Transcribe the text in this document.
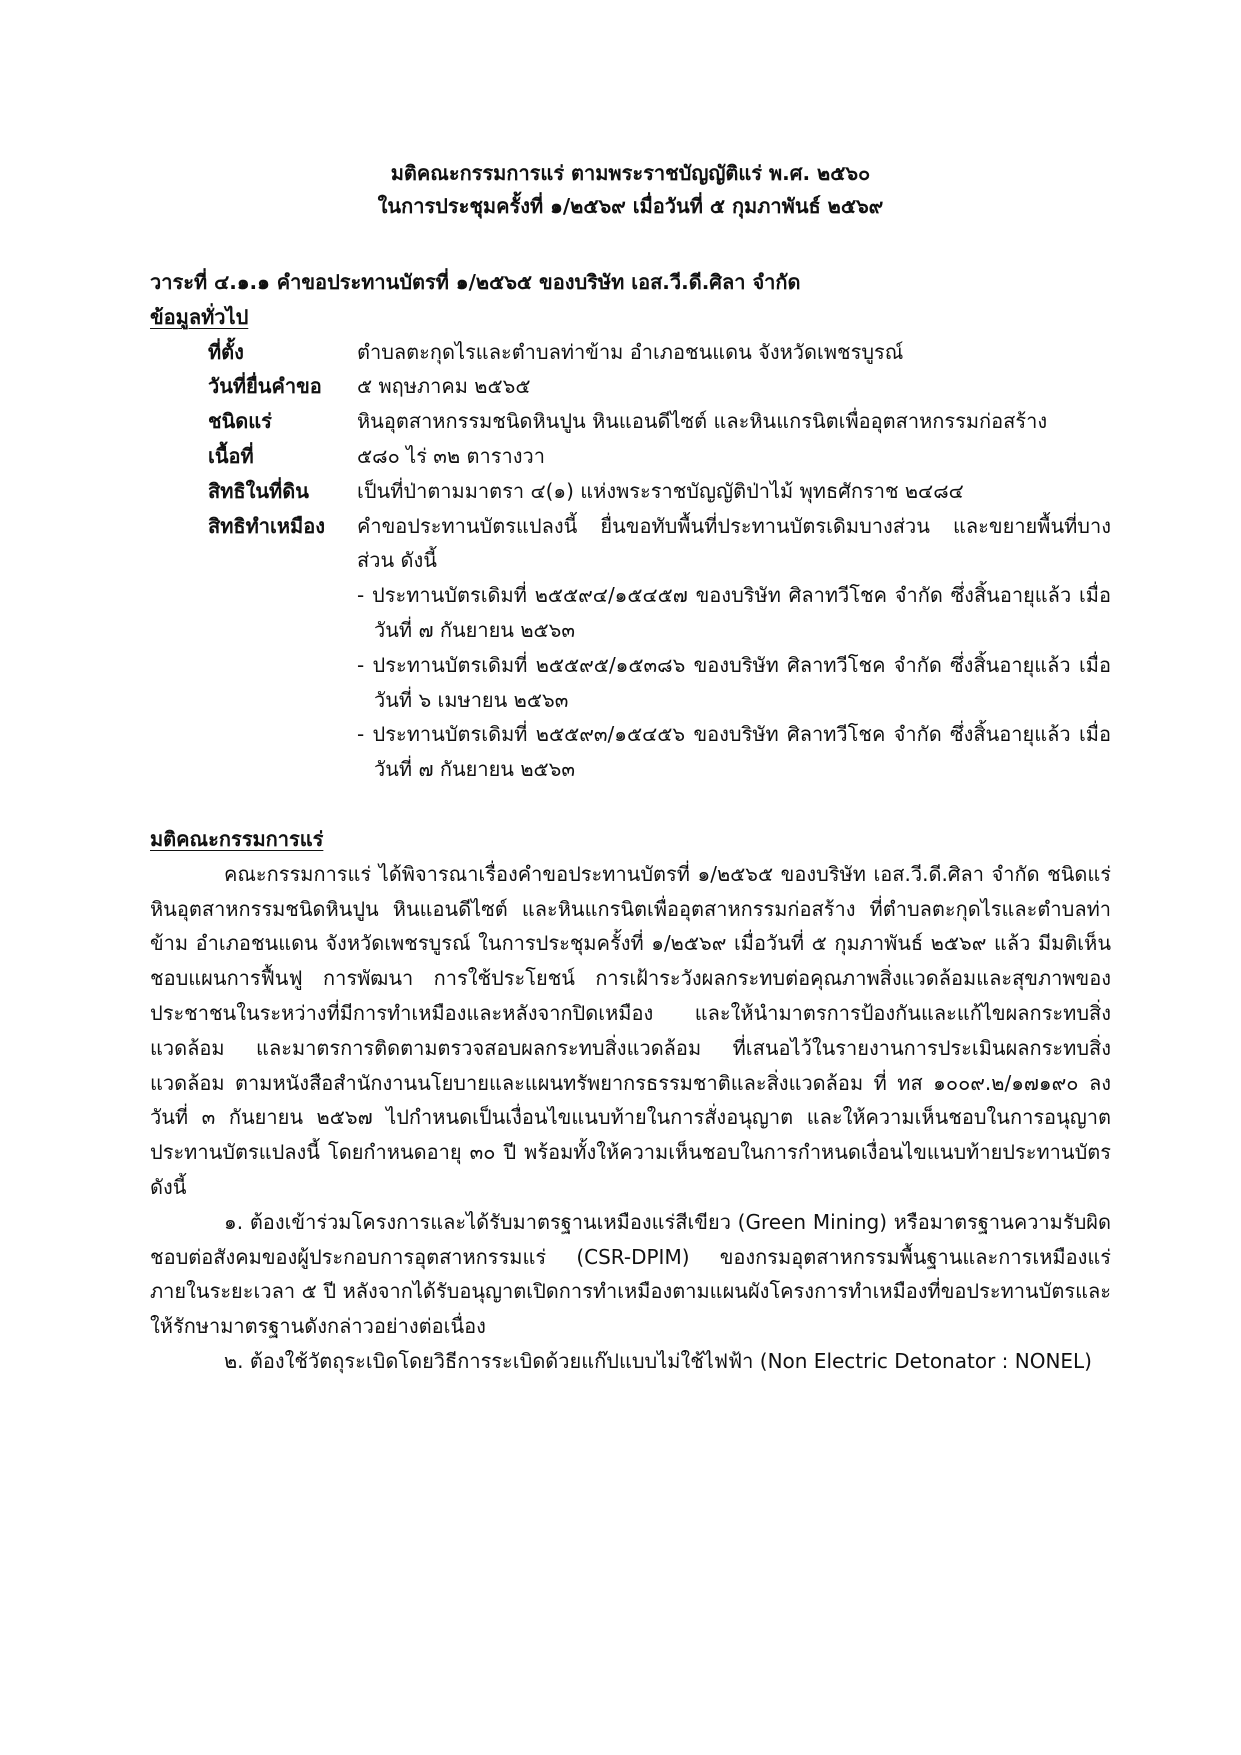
มติคณะกรรมการแร่ ตามพระราชบัญญัติแร่ พ.ศ. ๒๕๖๐
ในการประชุมครั้งที่ ๑/๒๕๖๙ เมื่อวันที่ ๕ กุมภาพันธ์ ๒๕๖๙
วาระที่ ๔.๑.๑ คำขอประทานบัตรที่ ๑/๒๕๖๕ ของบริษัท เอส.วี.ดี.ศิลา จำกัด
ข้อมูลทั่วไป
ที่ตั้ง	ตำบลตะกุดไรและตำบลท่าข้าม อำเภอชนแดน จังหวัดเพชรบูรณ์
วันที่ยื่นคำขอ	๕ พฤษภาคม ๒๕๖๕
ชนิดแร่	หินอุตสาหกรรมชนิดหินปูน หินแอนดีไซต์ และหินแกรนิตเพื่ออุตสาหกรรมก่อสร้าง
เนื้อที่	๕๘๐ ไร่ ๓๒ ตารางวา
สิทธิในที่ดิน	เป็นที่ป่าตามมาตรา ๔(๑) แห่งพระราชบัญญัติป่าไม้ พุทธศักราช ๒๔๘๔
สิทธิทำเหมือง	คำขอประทานบัตรแปลงนี้ ยื่นขอทับพื้นที่ประทานบัตรเดิมบางส่วน และขยายพื้นที่บางส่วน ดังนี้
- ประทานบัตรเดิมที่ ๒๕๕๙๔/๑๕๔๕๗ ของบริษัท ศิลาทวีโชค จำกัด ซึ่งสิ้นอายุแล้ว เมื่อวันที่ ๗ กันยายน ๒๕๖๓
- ประทานบัตรเดิมที่ ๒๕๕๙๕/๑๕๓๘๖ ของบริษัท ศิลาทวีโชค จำกัด ซึ่งสิ้นอายุแล้ว เมื่อวันที่ ๖ เมษายน ๒๕๖๓
- ประทานบัตรเดิมที่ ๒๕๕๙๓/๑๕๔๕๖ ของบริษัท ศิลาทวีโชค จำกัด ซึ่งสิ้นอายุแล้ว เมื่อวันที่ ๗ กันยายน ๒๕๖๓
มติคณะกรรมการแร่
คณะกรรมการแร่ ได้พิจารณาเรื่องคำขอประทานบัตรที่ ๑/๒๕๖๕ ของบริษัท เอส.วี.ดี.ศิลา จำกัด ชนิดแร่หินอุตสาหกรรมชนิดหินปูน หินแอนดีไซต์ และหินแกรนิตเพื่ออุตสาหกรรมก่อสร้าง ที่ตำบลตะกุดไรและตำบลท่าข้าม อำเภอชนแดน จังหวัดเพชรบูรณ์ ในการประชุมครั้งที่ ๑/๒๕๖๙ เมื่อวันที่ ๕ กุมภาพันธ์ ๒๕๖๙ แล้ว มีมติเห็นชอบแผนการฟื้นฟู การพัฒนา การใช้ประโยชน์ การเฝ้าระวังผลกระทบต่อคุณภาพสิ่งแวดล้อมและสุขภาพของประชาชนในระหว่างที่มีการทำเหมืองและหลังจากปิดเหมือง และให้นำมาตรการป้องกันและแก้ไขผลกระทบสิ่งแวดล้อม และมาตรการติดตามตรวจสอบผลกระทบสิ่งแวดล้อม ที่เสนอไว้ในรายงานการประเมินผลกระทบสิ่งแวดล้อม ตามหนังสือสำนักงานนโยบายและแผนทรัพยากรธรรมชาติและสิ่งแวดล้อม ที่ ทส ๑๐๐๙.๒/๑๗๑๙๐ ลงวันที่ ๓ กันยายน ๒๕๖๗ ไปกำหนดเป็นเงื่อนไขแนบท้ายในการสั่งอนุญาต และให้ความเห็นชอบในการอนุญาตประทานบัตรแปลงนี้ โดยกำหนดอายุ ๓๐ ปี พร้อมทั้งให้ความเห็นชอบในการกำหนดเงื่อนไขแนบท้ายประทานบัตร ดังนี้
๑. ต้องเข้าร่วมโครงการและได้รับมาตรฐานเหมืองแร่สีเขียว (Green Mining) หรือมาตรฐานความรับผิดชอบต่อสังคมของผู้ประกอบการอุตสาหกรรมแร่ (CSR-DPIM) ของกรมอุตสาหกรรมพื้นฐานและการเหมืองแร่ ภายในระยะเวลา ๕ ปี หลังจากได้รับอนุญาตเปิดการทำเหมืองตามแผนผังโครงการทำเหมืองที่ขอประทานบัตรและให้รักษามาตรฐานดังกล่าวอย่างต่อเนื่อง
๒. ต้องใช้วัตถุระเบิดโดยวิธีการระเบิดด้วยแก๊ปแบบไม่ใช้ไฟฟ้า (Non Electric Detonator : NONEL)
